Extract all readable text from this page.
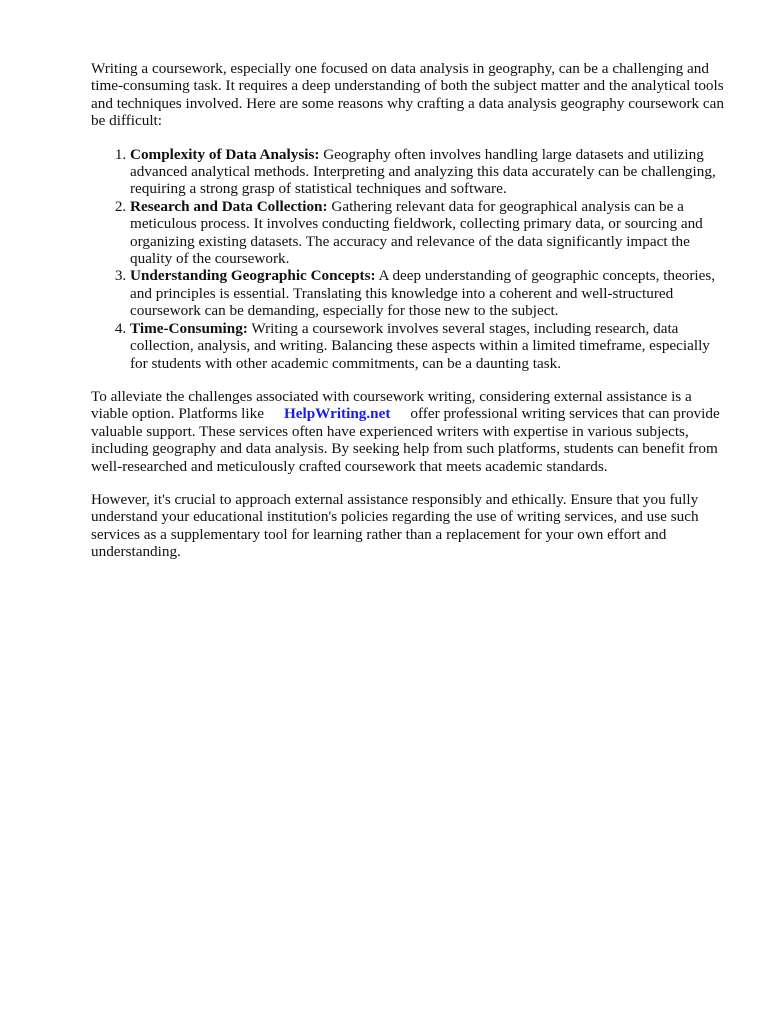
Writing a coursework, especially one focused on data analysis in geography, can be a challenging and time-consuming task. It requires a deep understanding of both the subject matter and the analytical tools and techniques involved. Here are some reasons why crafting a data analysis geography coursework can be difficult:

1. Complexity of Data Analysis: Geography often involves handling large datasets and utilizing advanced analytical methods. Interpreting and analyzing this data accurately can be challenging, requiring a strong grasp of statistical techniques and software.
2. Research and Data Collection: Gathering relevant data for geographical analysis can be a meticulous process. It involves conducting fieldwork, collecting primary data, or sourcing and organizing existing datasets. The accuracy and relevance of the data significantly impact the quality of the coursework.
3. Understanding Geographic Concepts: A deep understanding of geographic concepts, theories, and principles is essential. Translating this knowledge into a coherent and well-structured coursework can be demanding, especially for those new to the subject.
4. Time-Consuming: Writing a coursework involves several stages, including research, data collection, analysis, and writing. Balancing these aspects within a limited timeframe, especially for students with other academic commitments, can be a daunting task.

To alleviate the challenges associated with coursework writing, considering external assistance is a viable option. Platforms like HelpWriting.net offer professional writing services that can provide valuable support. These services often have experienced writers with expertise in various subjects, including geography and data analysis. By seeking help from such platforms, students can benefit from well-researched and meticulously crafted coursework that meets academic standards.

However, it's crucial to approach external assistance responsibly and ethically. Ensure that you fully understand your educational institution's policies regarding the use of writing services, and use such services as a supplementary tool for learning rather than a replacement for your own effort and understanding.
